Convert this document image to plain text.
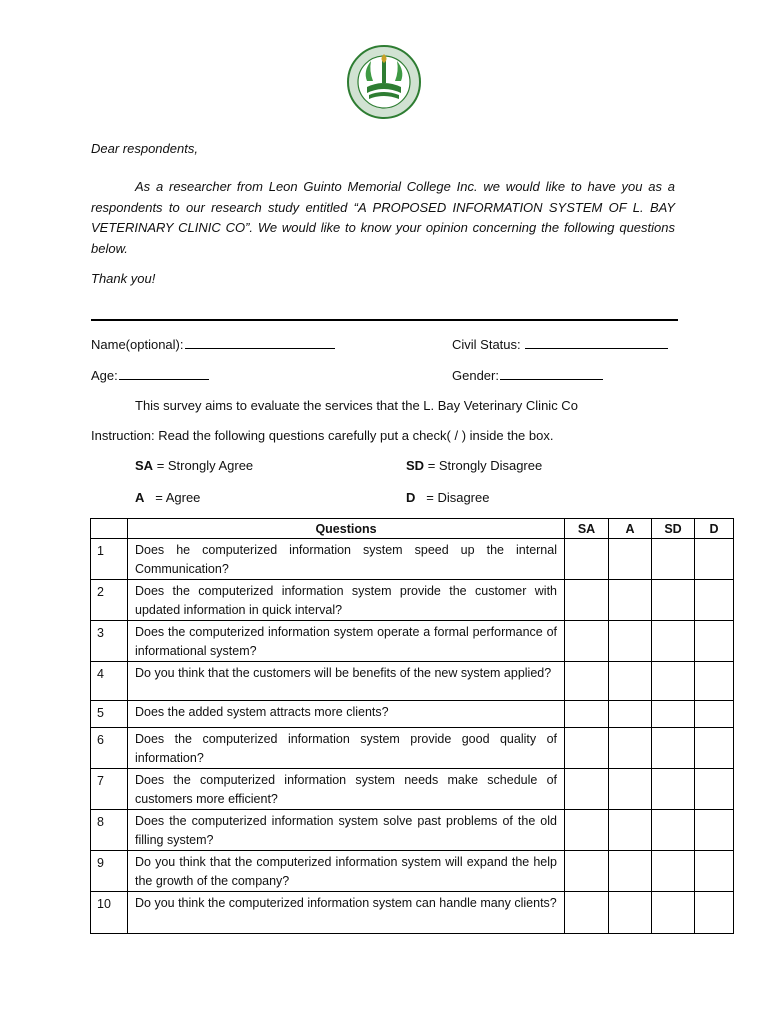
Dear respondents,
As a researcher from Leon Guinto Memorial College Inc. we would like to have you as a respondents to our research study entitled “A PROPOSED INFORMATION SYSTEM OF L. BAY VETERINARY CLINIC CO”. We would like to know your opinion concerning the following questions below.
Thank you!
Name(optional):	Civil Status:
Age:	Gender:
This survey aims to evaluate the services that the L. Bay Veterinary Clinic Co
Instruction: Read the following questions carefully put a check( / ) inside the box.
SA = Strongly Agree	SD = Strongly Disagree
A = Agree	D = Disagree
	Questions	SA	A	SD	D
1	Does he computerized information system speed up the internal Communication?				
2	Does the computerized information system provide the customer with updated information in quick interval?				
3	Does the computerized information system operate a formal performance of informational system?				
4	Do you think that the customers will be benefits of the new system applied?				
5	Does the added system attracts more clients?				
6	Does the computerized information system provide good quality of information?				
7	Does the computerized information system needs make schedule of customers more efficient?				
8	Does the computerized information system solve past problems of the old filling system?				
9	Do you think that the computerized information system will expand the help the growth of the company?				
10	Do you think the computerized information system can handle many clients?				
